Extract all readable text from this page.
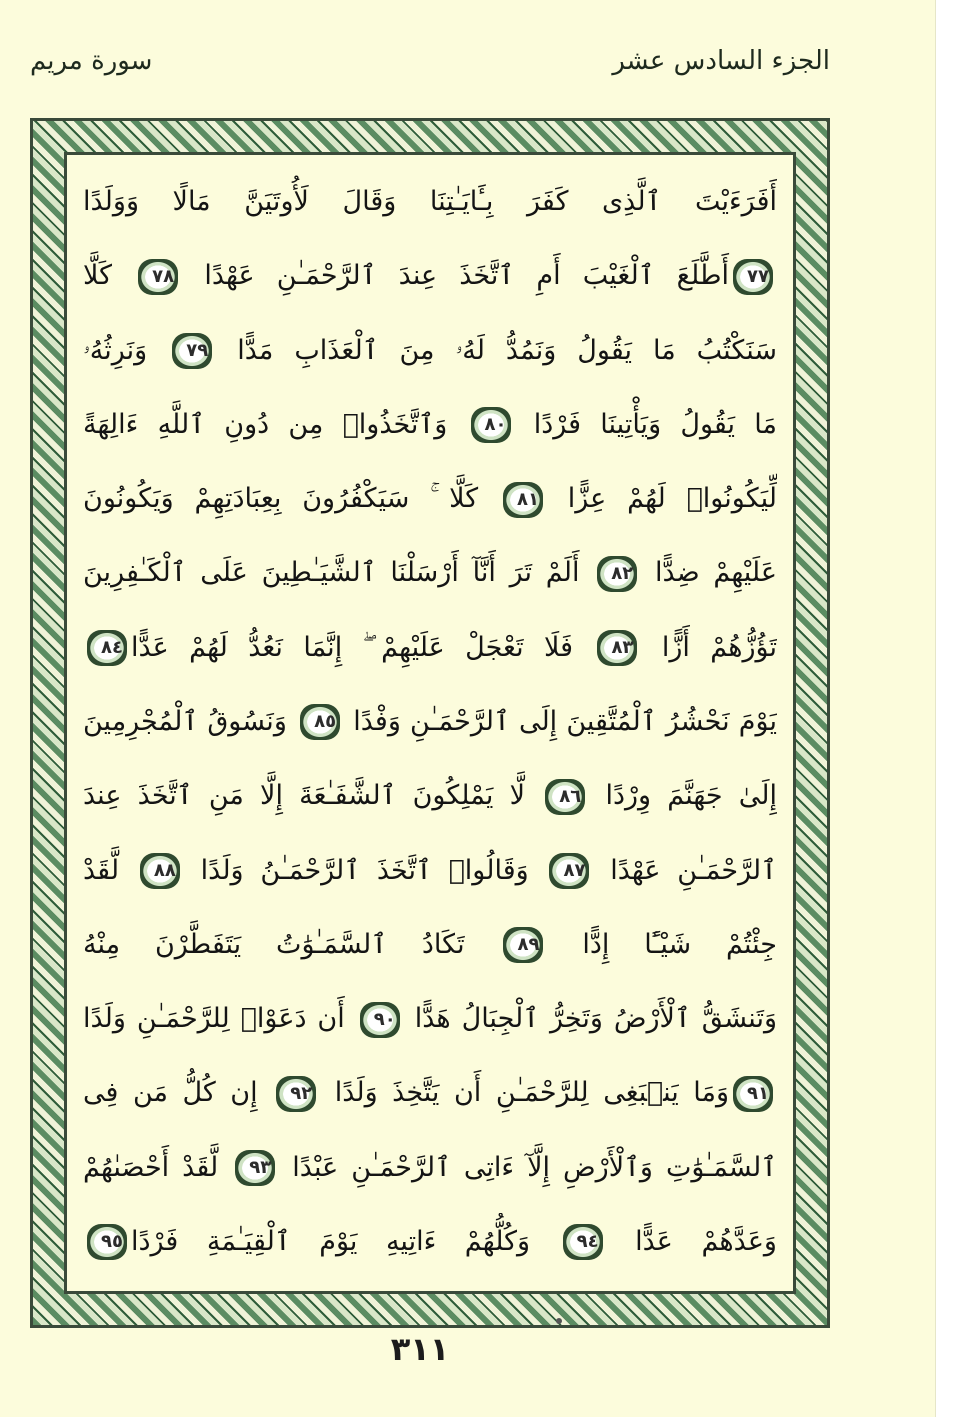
الجزء السادس عشر
سورة مريم
أَفَرَءَيْتَ ٱلَّذِى كَفَرَ بِـَٔايَـٰتِنَا وَقَالَ لَأُوتَيَنَّ مَالًا وَوَلَدًا
٧٧أَطَّلَعَ ٱلْغَيْبَ أَمِ ٱتَّخَذَ عِندَ ٱلرَّحْمَـٰنِ عَهْدًا ٧٨ كَلَّا
سَنَكْتُبُ مَا يَقُولُ وَنَمُدُّ لَهُۥ مِنَ ٱلْعَذَابِ مَدًّا ٧٩ وَنَرِثُهُۥ
مَا يَقُولُ وَيَأْتِينَا فَرْدًا ٨٠ وَٱتَّخَذُوا۟ مِن دُونِ ٱللَّهِ ءَالِهَةً
لِّيَكُونُوا۟ لَهُمْ عِزًّا ٨١ كَلَّا ۚ سَيَكْفُرُونَ بِعِبَادَتِهِمْ وَيَكُونُونَ
عَلَيْهِمْ ضِدًّا ٨٢ أَلَمْ تَرَ أَنَّآ أَرْسَلْنَا ٱلشَّيَـٰطِينَ عَلَى ٱلْكَـٰفِرِينَ
تَؤُزُّهُمْ أَزًّا ٨٣ فَلَا تَعْجَلْ عَلَيْهِمْ ۖ إِنَّمَا نَعُدُّ لَهُمْ عَدًّا٨٤
يَوْمَ نَحْشُرُ ٱلْمُتَّقِينَ إِلَى ٱلرَّحْمَـٰنِ وَفْدًا ٨٥ وَنَسُوقُ ٱلْمُجْرِمِينَ
إِلَىٰ جَهَنَّمَ وِرْدًا ٨٦ لَّا يَمْلِكُونَ ٱلشَّفَـٰعَةَ إِلَّا مَنِ ٱتَّخَذَ عِندَ
ٱلرَّحْمَـٰنِ عَهْدًا ٨٧ وَقَالُوا۟ ٱتَّخَذَ ٱلرَّحْمَـٰنُ وَلَدًا ٨٨ لَّقَدْ
جِئْتُمْ شَيْـًٔا إِدًّا ٨٩ تَكَادُ ٱلسَّمَـٰوَٰتُ يَتَفَطَّرْنَ مِنْهُ
وَتَنشَقُّ ٱلْأَرْضُ وَتَخِرُّ ٱلْجِبَالُ هَدًّا ٩٠ أَن دَعَوْا۟ لِلرَّحْمَـٰنِ وَلَدًا
٩١وَمَا يَنۢبَغِى لِلرَّحْمَـٰنِ أَن يَتَّخِذَ وَلَدًا ٩٢ إِن كُلُّ مَن فِى
ٱلسَّمَـٰوَٰتِ وَٱلْأَرْضِ إِلَّآ ءَاتِى ٱلرَّحْمَـٰنِ عَبْدًا ٩٣ لَّقَدْ أَحْصَىٰهُمْ
وَعَدَّهُمْ عَدًّا ٩٤ وَكُلُّهُمْ ءَاتِيهِ يَوْمَ ٱلْقِيَـٰمَةِ فَرْدًا٩٥
٣١١
